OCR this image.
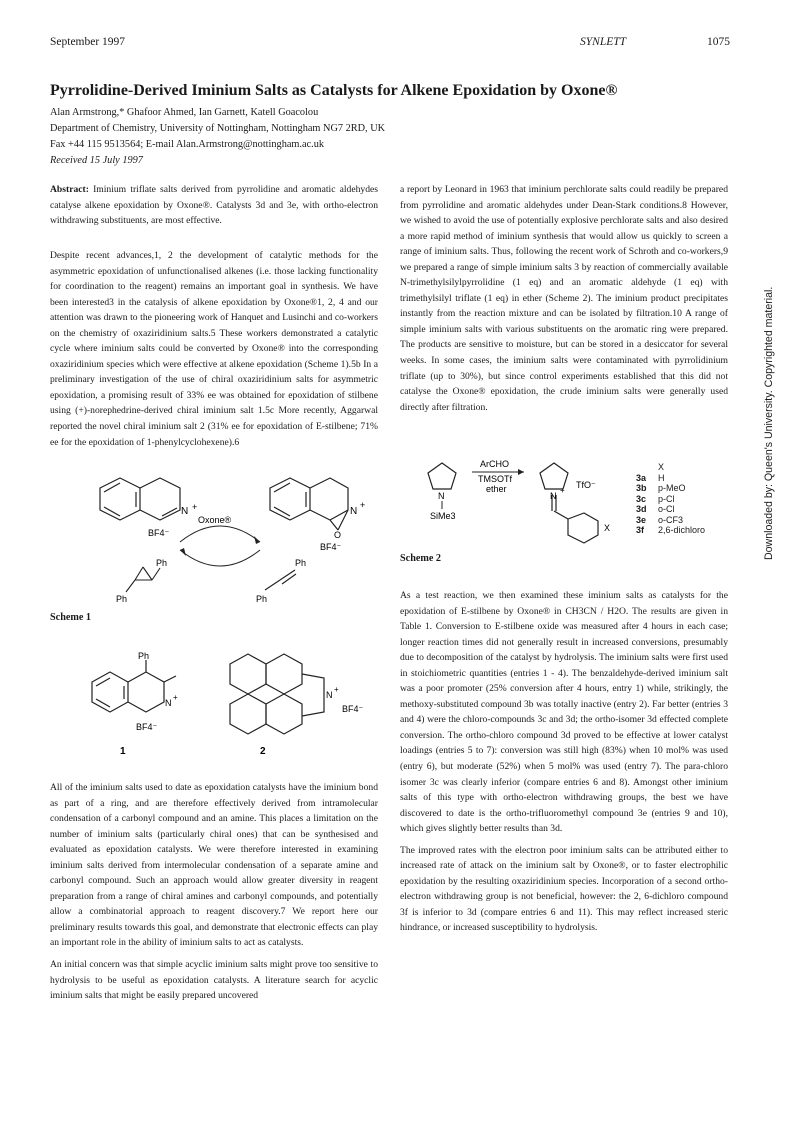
September 1997	SYNLETT	1075
Pyrrolidine-Derived Iminium Salts as Catalysts for Alkene Epoxidation by Oxone®
Alan Armstrong,* Ghafoor Ahmed, Ian Garnett, Katell Goacolou
Department of Chemistry, University of Nottingham, Nottingham NG7 2RD, UK
Fax +44 115 9513564; E-mail Alan.Armstrong@nottingham.ac.uk
Received 15 July 1997

Abstract: Iminium triflate salts derived from pyrrolidine and aromatic aldehydes catalyse alkene epoxidation by Oxone®. Catalysts 3d and 3e, with ortho-electron withdrawing substituents, are most effective.

Despite recent advances,1, 2 the development of catalytic methods for the asymmetric epoxidation of unfunctionalised alkenes (i.e. those lacking functionality for coordination to the reagent) remains an important goal in synthesis. We have been interested3 in the catalysis of alkene epoxidation by Oxone®1, 2, 4 and our attention was drawn to the pioneering work of Hanquet and Lusinchi and co-workers on the chemistry of oxaziridinium salts.5 These workers demonstrated a catalytic cycle where iminium salts could be converted by Oxone® into the corresponding oxaziridinium species which were effective at alkene epoxidation (Scheme 1).5b In a preliminary investigation of the use of chiral oxaziridinium salts for asymmetric epoxidation, a promising result of 33% ee was obtained for epoxidation of stilbene using (+)-norephedrine-derived chiral iminium salt 1.5c More recently, Aggarwal reported the novel chiral iminium salt 2 (31% ee for epoxidation of E-stilbene; 71% ee for the epoxidation of 1-phenylcyclohexene).6

N +
BF4⁻
Oxone®
N
+
O
BF4⁻
Ph
Ph
Ph
Ph
Scheme 1
Ph
N
+
BF4⁻
1
N
+
BF4⁻
2

All of the iminium salts used to date as epoxidation catalysts have the iminium bond as part of a ring, and are therefore effectively derived from intramolecular condensation of a carbonyl compound and an amine. This places a limitation on the number of iminium salts (particularly chiral ones) that can be synthesised and evaluated as epoxidation catalysts. We were therefore interested in examining iminium salts derived from intermolecular condensation of a separate amine and carbonyl compound. Such an approach would allow greater diversity in reagent preparation from a range of chiral amines and carbonyl compounds, and potentially allow a combinatorial approach to reagent discovery.7 We report here our preliminary results towards this goal, and demonstrate that electronic effects can play an important role in the ability of iminium salts to act as catalysts.

An initial concern was that simple acyclic iminium salts might prove too sensitive to hydrolysis to be useful as epoxidation catalysts. A literature search for acyclic iminium salts that might be easily prepared uncovered

a report by Leonard in 1963 that iminium perchlorate salts could readily be prepared from pyrrolidine and aromatic aldehydes under Dean-Stark conditions.8 However, we wished to avoid the use of potentially explosive perchlorate salts and also desired a more rapid method of iminium synthesis that would allow us quickly to screen a range of iminium salts. Thus, following the recent work of Schroth and co-workers,9 we prepared a range of simple iminium salts 3 by reaction of commercially available N-trimethylsilylpyrrolidine (1 eq) and an aromatic aldehyde (1 eq) with trimethylsilyl triflate (1 eq) in ether (Scheme 2). The iminium product precipitates instantly from the reaction mixture and can be isolated by filtration.10 A range of simple iminium salts with various substituents on the aromatic ring were prepared. The products are sensitive to moisture, but can be stored in a desiccator for several weeks. In some cases, the iminium salts were contaminated with pyrrolidinium triflate (up to 30%), but since control experiments established that this did not catalyse the Oxone® epoxidation, the crude iminium salts were generally used directly after filtration.

N
SiMe3
ArCHO
TMSOTf
ether
N
+
TfO⁻
X
X
3a	H
3b	p-MeO
3c	p-Cl
3d	o-Cl
3e	o-CF3
3f	2,6-dichloro
Scheme 2

As a test reaction, we then examined these iminium salts as catalysts for the epoxidation of E-stilbene by Oxone® in CH3CN / H2O. The results are given in Table 1. Conversion to E-stilbene oxide was measured after 4 hours in each case; longer reaction times did not generally result in increased conversions, presumably due to decomposition of the catalyst by hydrolysis. The iminium salts were first used in stoichiometric quantities (entries 1 - 4). The benzaldehyde-derived iminium salt was a poor promoter (25% conversion after 4 hours, entry 1) while, strikingly, the methoxy-substituted compound 3b was totally inactive (entry 2). Far better (entries 3 and 4) were the chloro-compounds 3c and 3d; the ortho-isomer 3d effected complete conversion. The ortho-chloro compound 3d proved to be effective at lower catalyst loadings (entries 5 to 7): conversion was still high (83%) when 10 mol% was used (entry 6), but moderate (52%) when 5 mol% was used (entry 7). The para-chloro isomer 3c was clearly inferior (compare entries 6 and 8). Amongst other iminium salts of this type with ortho-electron withdrawing groups, the best we have discovered to date is the ortho-trifluoromethyl compound 3e (entries 9 and 10), which gives slightly better results than 3d.

The improved rates with the electron poor iminium salts can be attributed either to increased rate of attack on the iminium salt by Oxone®, or to faster electrophilic epoxidation by the resulting oxaziridinium species. Incorporation of a second ortho-electron withdrawing group is not beneficial, however: the 2, 6-dichloro compound 3f is inferior to 3d (compare entries 6 and 11). This may reflect increased steric hindrance, or increased susceptibility to hydrolysis.

Downloaded by: Queen's University. Copyrighted material.
